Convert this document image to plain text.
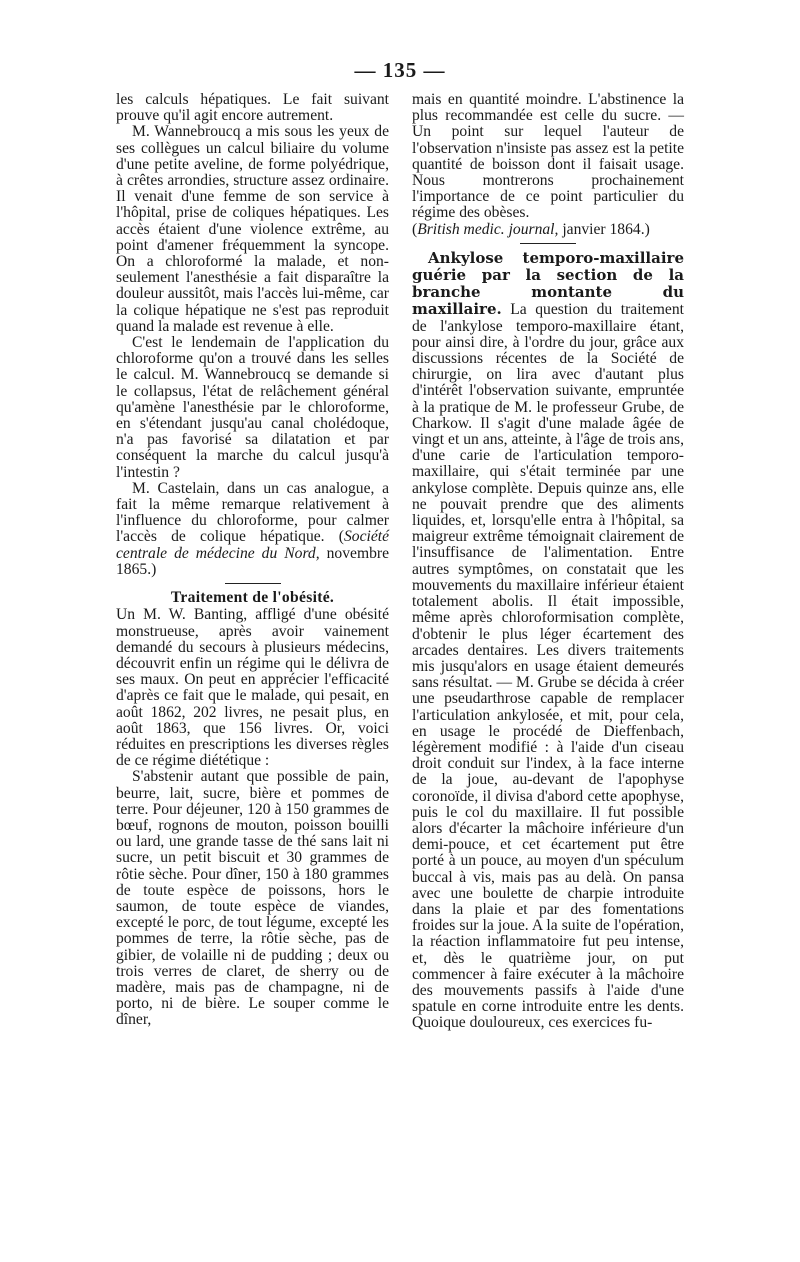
— 135 —

les calculs hépatiques. Le fait suivant prouve qu'il agit encore autrement.

M. Wannebroucq a mis sous les yeux de ses collègues un calcul biliaire du volume d'une petite aveline, de forme polyédrique, à crêtes arrondies, structure assez ordinaire. Il venait d'une femme de son service à l'hôpital, prise de coliques hépatiques. Les accès étaient d'une violence extrême, au point d'amener fréquemment la syncope. On a chloroformé la malade, et non-seulement l'anesthésie a fait disparaître la douleur aussitôt, mais l'accès lui-même, car la colique hépatique ne s'est pas reproduit quand la malade est revenue à elle.

C'est le lendemain de l'application du chloroforme qu'on a trouvé dans les selles le calcul. M. Wannebroucq se demande si le collapsus, l'état de relâchement général qu'amène l'anesthésie par le chloroforme, en s'étendant jusqu'au canal cholédoque, n'a pas favorisé sa dilatation et par conséquent la marche du calcul jusqu'à l'intestin ?

M. Castelain, dans un cas analogue, a fait la même remarque relativement à l'influence du chloroforme, pour calmer l'accès de colique hépatique. (Société centrale de médecine du Nord, novembre 1865.)

Traitement de l'obésité.

Un M. W. Banting, affligé d'une obésité monstrueuse, après avoir vainement demandé du secours à plusieurs médecins, découvrit enfin un régime qui le délivra de ses maux. On peut en apprécier l'efficacité d'après ce fait que le malade, qui pesait, en août 1862, 202 livres, ne pesait plus, en août 1863, que 156 livres. Or, voici réduites en prescriptions les diverses règles de ce régime diététique :

S'abstenir autant que possible de pain, beurre, lait, sucre, bière et pommes de terre. Pour déjeuner, 120 à 150 grammes de bœuf, rognons de mouton, poisson bouilli ou lard, une grande tasse de thé sans lait ni sucre, un petit biscuit et 30 grammes de rôtie sèche. Pour dîner, 150 à 180 grammes de toute espèce de poissons, hors le saumon, de toute espèce de viandes, excepté le porc, de tout légume, excepté les pommes de terre, la rôtie sèche, pas de gibier, de volaille ni de pudding ; deux ou trois verres de claret, de sherry ou de madère, mais pas de champagne, ni de porto, ni de bière. Le souper comme le dîner,

mais en quantité moindre. L'abstinence la plus recommandée est celle du sucre. — Un point sur lequel l'auteur de l'observation n'insiste pas assez est la petite quantité de boisson dont il faisait usage. Nous montrerons prochainement l'importance de ce point particulier du régime des obèses.

(British medic. journal, janvier 1864.)

Ankylose temporo-maxillaire guérie par la section de la branche montante du maxillaire. La question du traitement de l'ankylose temporo-maxillaire étant, pour ainsi dire, à l'ordre du jour, grâce aux discussions récentes de la Société de chirurgie, on lira avec d'autant plus d'intérêt l'observation suivante, empruntée à la pratique de M. le professeur Grube, de Charkow. Il s'agit d'une malade âgée de vingt et un ans, atteinte, à l'âge de trois ans, d'une carie de l'articulation temporo-maxillaire, qui s'était terminée par une ankylose complète. Depuis quinze ans, elle ne pouvait prendre que des aliments liquides, et, lorsqu'elle entra à l'hôpital, sa maigreur extrême témoignait clairement de l'insuffisance de l'alimentation. Entre autres symptômes, on constatait que les mouvements du maxillaire inférieur étaient totalement abolis. Il était impossible, même après chloroformisation complète, d'obtenir le plus léger écartement des arcades dentaires. Les divers traitements mis jusqu'alors en usage étaient demeurés sans résultat. — M. Grube se décida à créer une pseudarthrose capable de remplacer l'articulation ankylosée, et mit, pour cela, en usage le procédé de Dieffenbach, légèrement modifié : à l'aide d'un ciseau droit conduit sur l'index, à la face interne de la joue, au-devant de l'apophyse coronoïde, il divisa d'abord cette apophyse, puis le col du maxillaire. Il fut possible alors d'écarter la mâchoire inférieure d'un demi-pouce, et cet écartement put être porté à un pouce, au moyen d'un spéculum buccal à vis, mais pas au delà. On pansa avec une boulette de charpie introduite dans la plaie et par des fomentations froides sur la joue. A la suite de l'opération, la réaction inflammatoire fut peu intense, et, dès le quatrième jour, on put commencer à faire exécuter à la mâchoire des mouvements passifs à l'aide d'une spatule en corne introduite entre les dents. Quoique douloureux, ces exercices fu-
